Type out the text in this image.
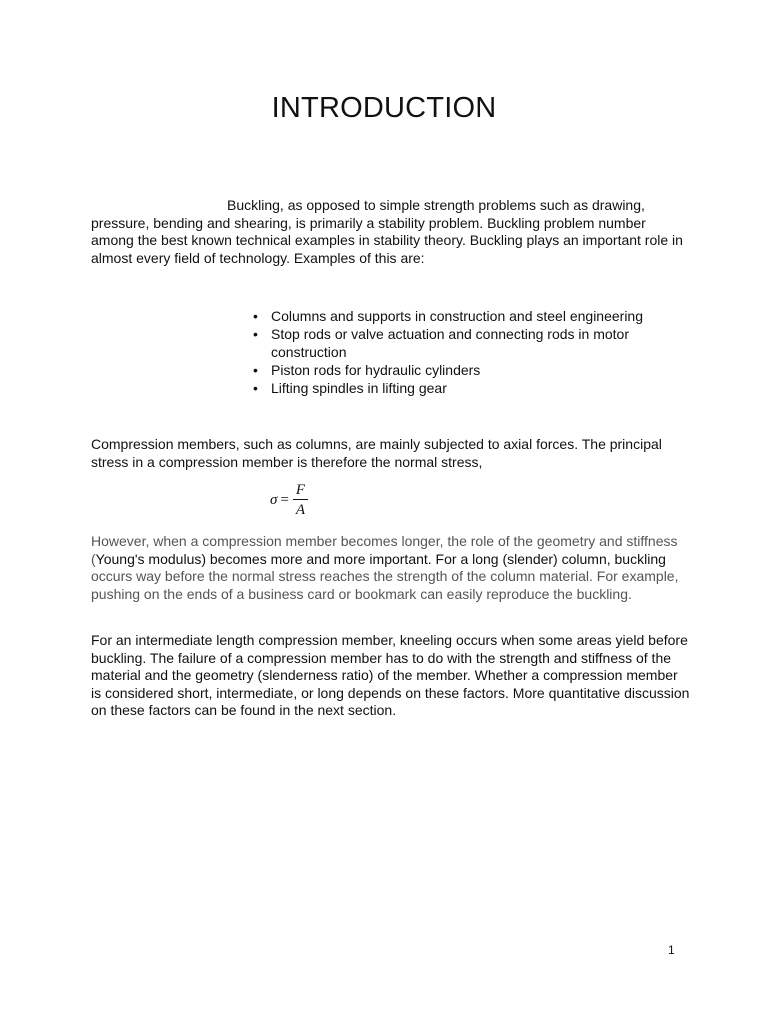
INTRODUCTION

Buckling, as opposed to simple strength problems such as drawing, pressure, bending and shearing, is primarily a stability problem. Buckling problem number among the best known technical examples in stability theory. Buckling plays an important role in almost every field of technology. Examples of this are:

• Columns and supports in construction and steel engineering
• Stop rods or valve actuation and connecting rods in motor construction
• Piston rods for hydraulic cylinders
• Lifting spindles in lifting gear

Compression members, such as columns, are mainly subjected to axial forces. The principal stress in a compression member is therefore the normal stress,

$\sigma = \frac{F}{A}$

However, when a compression member becomes longer, the role of the geometry and stiffness (Young's modulus) becomes more and more important. For a long (slender) column, buckling occurs way before the normal stress reaches the strength of the column material. For example, pushing on the ends of a business card or bookmark can easily reproduce the buckling.

For an intermediate length compression member, kneeling occurs when some areas yield before buckling. The failure of a compression member has to do with the strength and stiffness of the material and the geometry (slenderness ratio) of the member. Whether a compression member is considered short, intermediate, or long depends on these factors. More quantitative discussion on these factors can be found in the next section.

1
